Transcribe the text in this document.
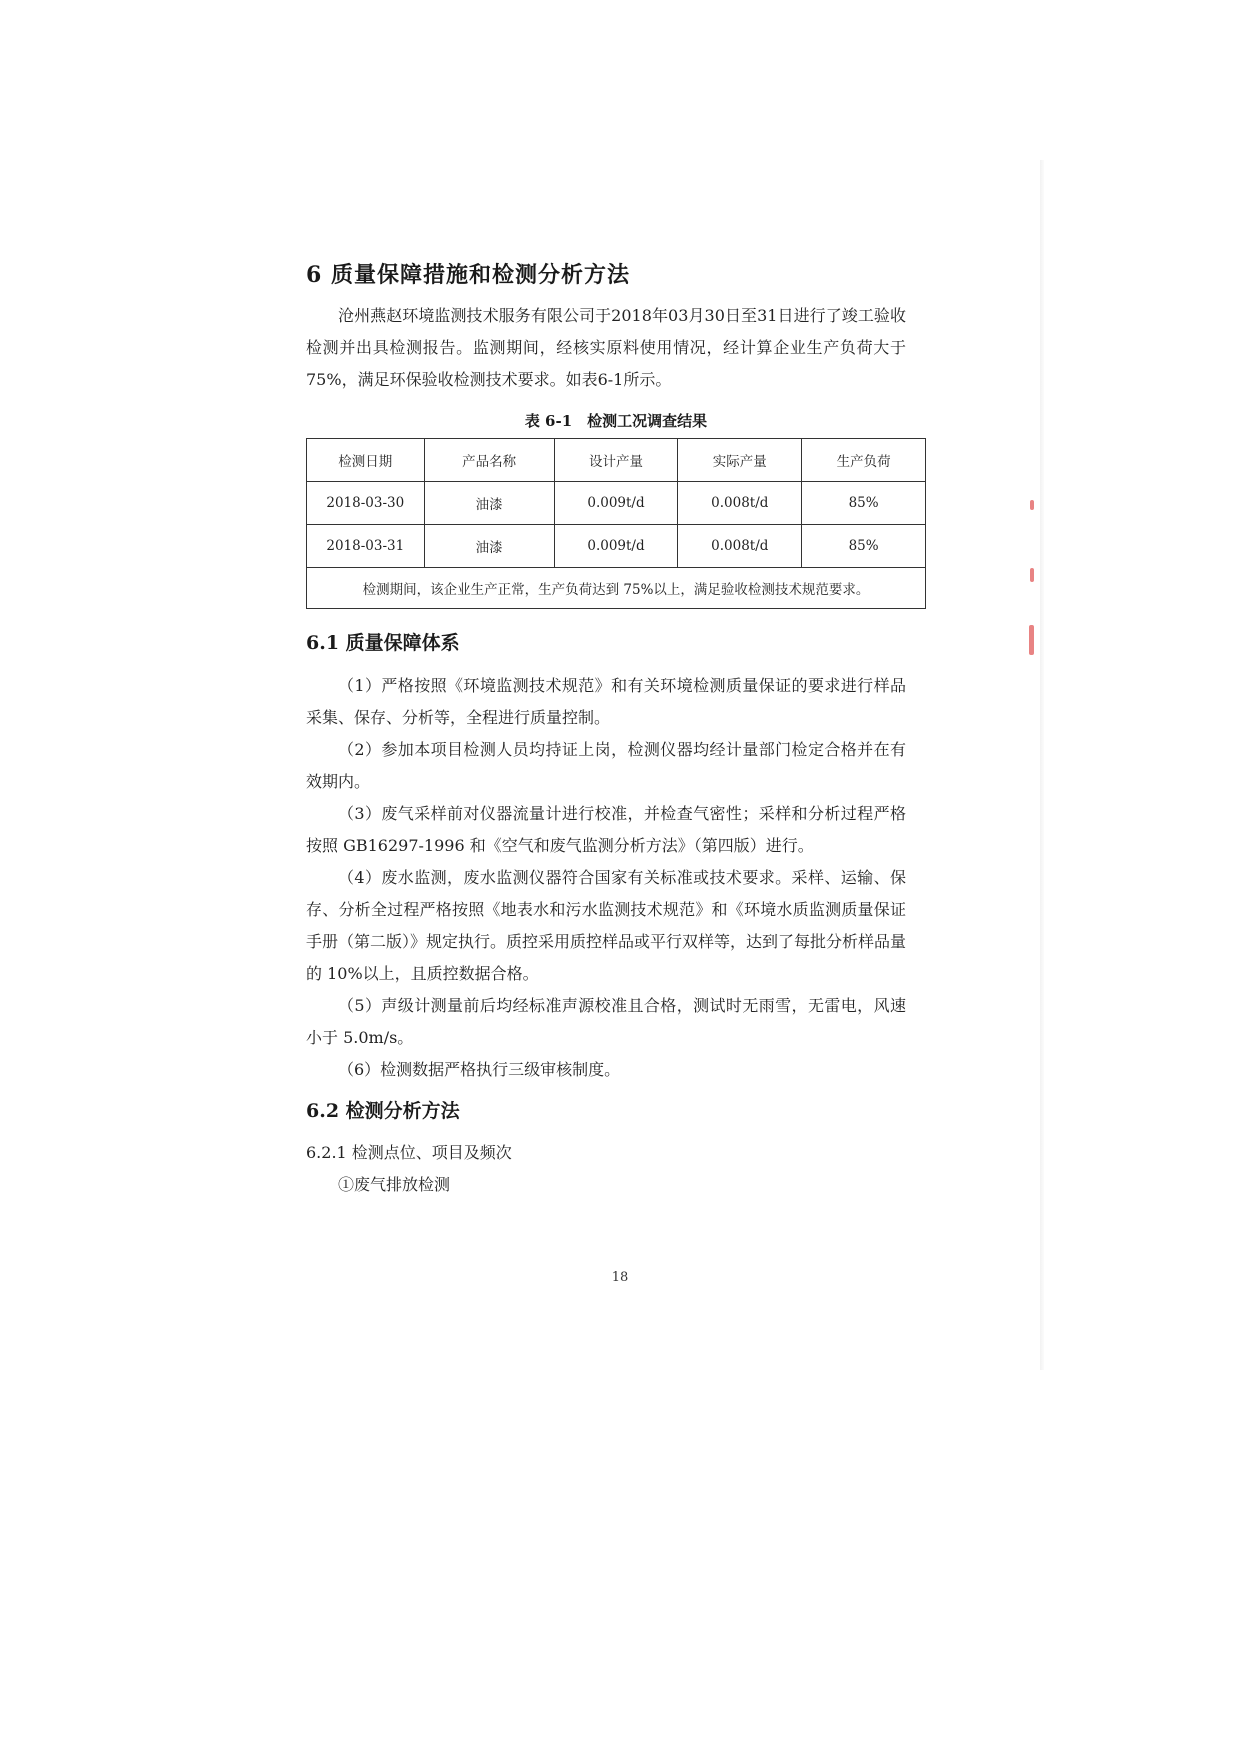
6 质量保障措施和检测分析方法
沧州燕赵环境监测技术服务有限公司于2018年03月30日至31日进行了竣工验收检测并出具检测报告。监测期间，经核实原料使用情况，经计算企业生产负荷大于75%，满足环保验收检测技术要求。如表6-1所示。
表 6-1　检测工况调查结果
检测日期	产品名称	设计产量	实际产量	生产负荷
2018-03-30	油漆	0.009t/d	0.008t/d	85%
2018-03-31	油漆	0.009t/d	0.008t/d	85%
检测期间，该企业生产正常，生产负荷达到 75%以上，满足验收检测技术规范要求。				
6.1 质量保障体系
（1）严格按照《环境监测技术规范》和有关环境检测质量保证的要求进行样品采集、保存、分析等，全程进行质量控制。
（2）参加本项目检测人员均持证上岗，检测仪器均经计量部门检定合格并在有效期内。
（3）废气采样前对仪器流量计进行校准，并检查气密性；采样和分析过程严格按照 GB16297-1996 和《空气和废气监测分析方法》（第四版）进行。
（4）废水监测，废水监测仪器符合国家有关标准或技术要求。采样、运输、保存、分析全过程严格按照《地表水和污水监测技术规范》和《环境水质监测质量保证手册（第二版）》规定执行。质控采用质控样品或平行双样等，达到了每批分析样品量的 10%以上，且质控数据合格。
（5）声级计测量前后均经标准声源校准且合格，测试时无雨雪，无雷电，风速小于 5.0m/s。
（6）检测数据严格执行三级审核制度。
6.2 检测分析方法
6.2.1 检测点位、项目及频次
①废气排放检测
18
